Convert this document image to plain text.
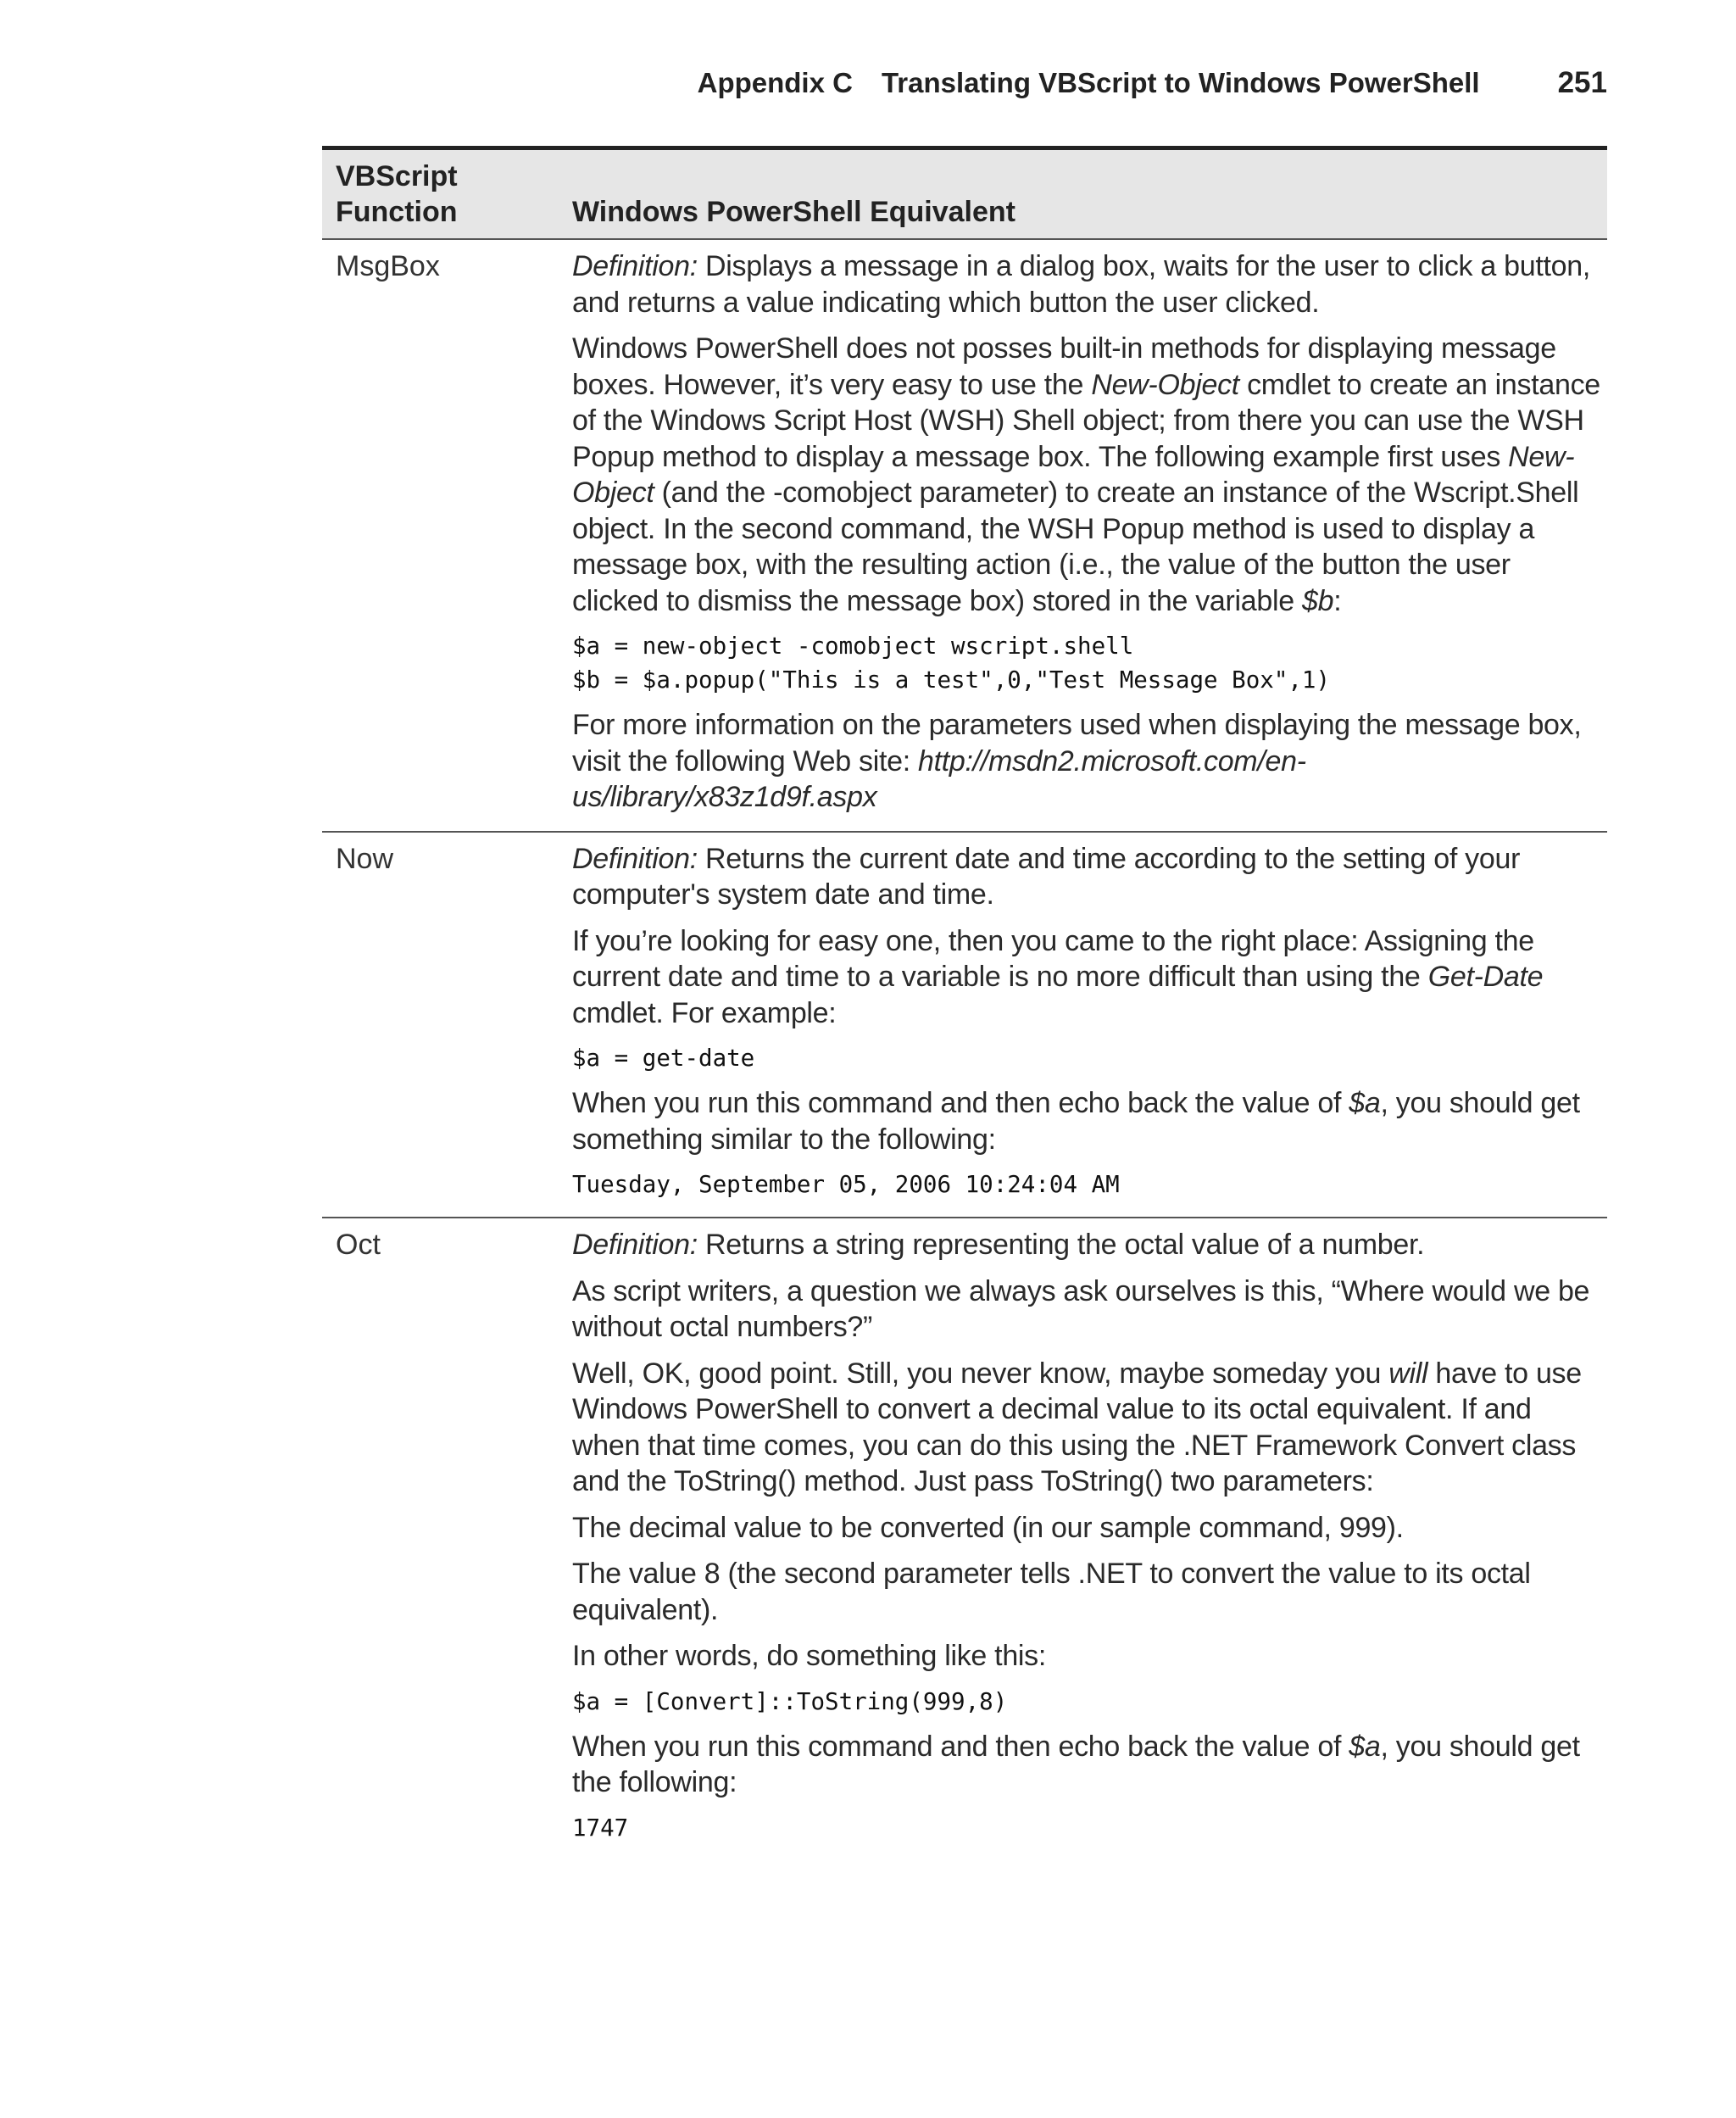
Appendix C Translating VBScript to Windows PowerShell	251
VBScript
Function	Windows PowerShell Equivalent
MsgBox	Definition: Displays a message in a dialog box, waits for the user to click a button, and returns a value indicating which button the user clicked.

Windows PowerShell does not posses built-in methods for displaying message boxes. However, it’s very easy to use the New-Object cmdlet to create an instance of the Windows Script Host (WSH) Shell object; from there you can use the WSH Popup method to display a message box. The following example first uses New-Object (and the -comobject parameter) to create an instance of the Wscript.Shell object. In the second command, the WSH Popup method is used to display a message box, with the resulting action (i.e., the value of the button the user clicked to dismiss the message box) stored in the variable $b:

$a = new-object -comobject wscript.shell
$b = $a.popup("This is a test",0,"Test Message Box",1)

For more information on the parameters used when displaying the message box, visit the following Web site: http://msdn2.microsoft.com/en-us/library/x83z1d9f.aspx

Now	Definition: Returns the current date and time according to the setting of your computer's system date and time.

If you’re looking for easy one, then you came to the right place: Assigning the current date and time to a variable is no more difficult than using the Get-Date cmdlet. For example:

$a = get-date

When you run this command and then echo back the value of $a, you should get something similar to the following:

Tuesday, September 05, 2006 10:24:04 AM
Oct	Definition: Returns a string representing the octal value of a number.

As script writers, a question we always ask ourselves is this, “Where would we be without octal numbers?”

Well, OK, good point. Still, you never know, maybe someday you will have to use Windows PowerShell to convert a decimal value to its octal equivalent. If and when that time comes, you can do this using the .NET Framework Convert class and the ToString() method. Just pass ToString() two parameters:

The decimal value to be converted (in our sample command, 999).

The value 8 (the second parameter tells .NET to convert the value to its octal equivalent).

In other words, do something like this:

$a = [Convert]::ToString(999,8)

When you run this command and then echo back the value of $a, you should get the following:

1747
